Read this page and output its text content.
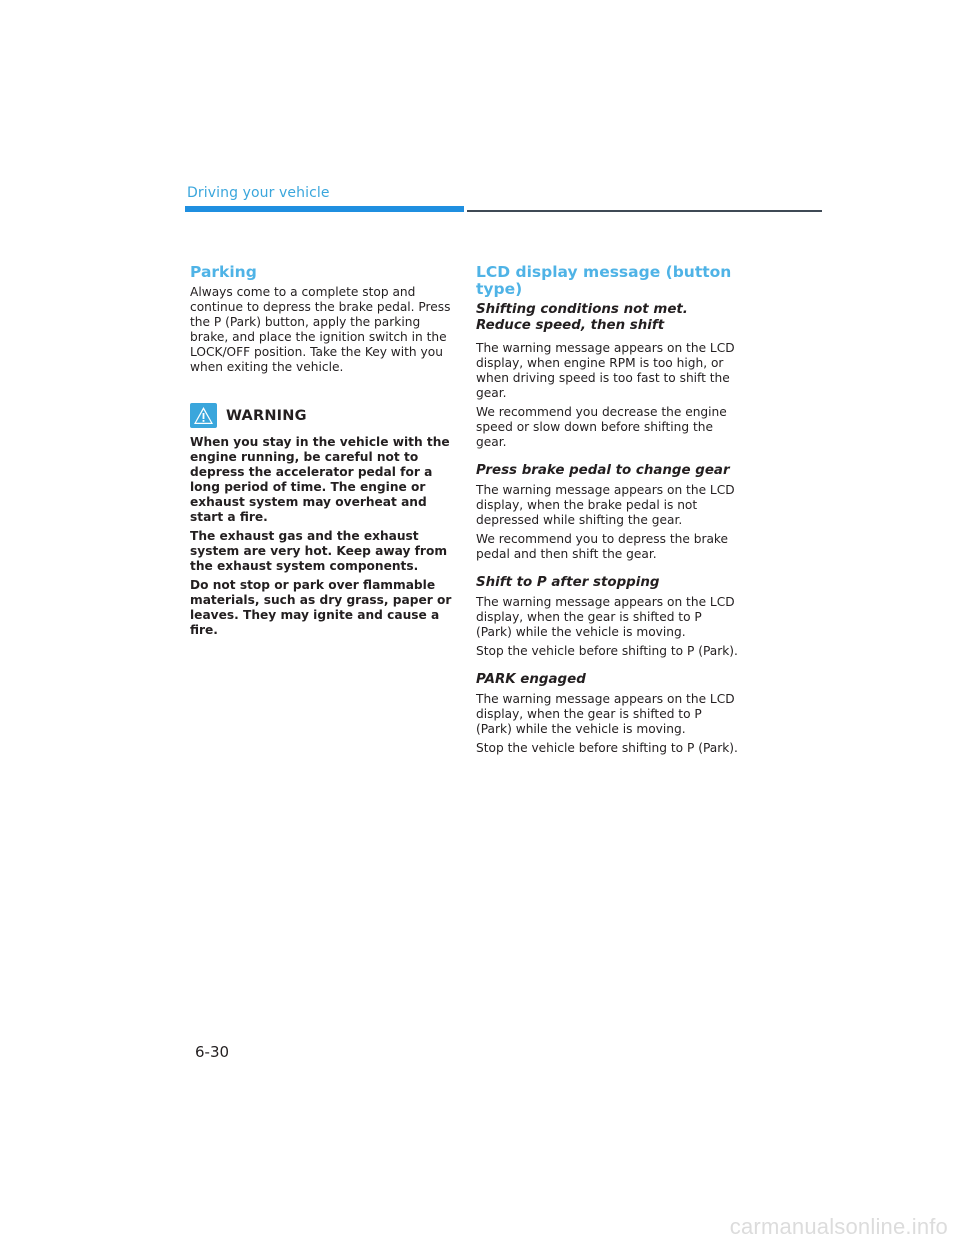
Driving your vehicle
Parking

Always come to a complete stop and continue to depress the brake pedal. Press the P (Park) button, apply the parking brake, and place the ignition switch in the LOCK/OFF position. Take the Key with you when exiting the vehicle.

WARNING

When you stay in the vehicle with the engine running, be careful not to depress the accelerator pedal for a long period of time. The engine or exhaust system may overheat and start a fire.

The exhaust gas and the exhaust system are very hot. Keep away from the exhaust system components.

Do not stop or park over flammable materials, such as dry grass, paper or leaves. They may ignite and cause a fire.

LCD display message (button type)
Shifting conditions not met. Reduce speed, then shift

The warning message appears on the LCD display, when engine RPM is too high, or when driving speed is too fast to shift the gear.

We recommend you decrease the engine speed or slow down before shifting the gear.

Press brake pedal to change gear

The warning message appears on the LCD display, when the brake pedal is not depressed while shifting the gear.

We recommend you to depress the brake pedal and then shift the gear.

Shift to P after stopping

The warning message appears on the LCD display, when the gear is shifted to P (Park) while the vehicle is moving.

Stop the vehicle before shifting to P (Park).

PARK engaged

The warning message appears on the LCD display, when the gear is shifted to P (Park) while the vehicle is moving.

Stop the vehicle before shifting to P (Park).

6-30
carmanualsonline.info
